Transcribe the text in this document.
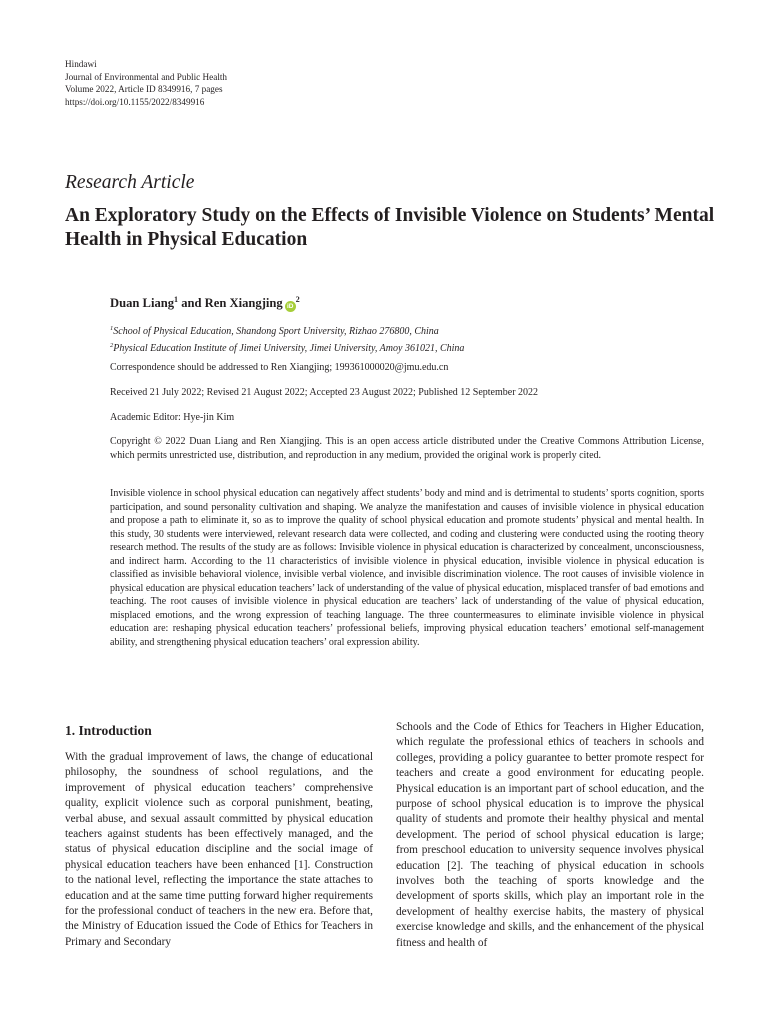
Hindawi
Journal of Environmental and Public Health
Volume 2022, Article ID 8349916, 7 pages
https://doi.org/10.1155/2022/8349916
Research Article
An Exploratory Study on the Effects of Invisible Violence on Students’ Mental Health in Physical Education
Duan Liang$^1$ and Ren Xiangjing $iD^2$
$^1$School of Physical Education, Shandong Sport University, Rizhao 276800, China
$^2$Physical Education Institute of Jimei University, Jimei University, Amoy 361021, China
Correspondence should be addressed to Ren Xiangjing; 199361000020@jmu.edu.cn
Received 21 July 2022; Revised 21 August 2022; Accepted 23 August 2022; Published 12 September 2022
Academic Editor: Hye-jin Kim
Copyright © 2022 Duan Liang and Ren Xiangjing. This is an open access article distributed under the Creative Commons Attribution License, which permits unrestricted use, distribution, and reproduction in any medium, provided the original work is properly cited.

Invisible violence in school physical education can negatively affect students’ body and mind and is detrimental to students’ sports cognition, sports participation, and sound personality cultivation and shaping. We analyze the manifestation and causes of invisible violence in physical education and propose a path to eliminate it, so as to improve the quality of school physical education and promote students’ physical and mental health. In this study, 30 students were interviewed, relevant research data were collected, and coding and clustering were conducted using the rooting theory research method. The results of the study are as follows: Invisible violence in physical education is characterized by concealment, unconsciousness, and indirect harm. According to the 11 characteristics of invisible violence in physical education, invisible violence in physical education is classified as invisible behavioral violence, invisible verbal violence, and invisible discrimination violence. The root causes of invisible violence in physical education are physical education teachers’ lack of understanding of the value of physical education, misplaced transfer of bad emotions and teaching. The root causes of invisible violence in physical education are teachers’ lack of understanding of the value of physical education, misplaced emotions, and the wrong expression of teaching language. The three countermeasures to eliminate invisible violence in physical education are: reshaping physical education teachers’ professional beliefs, improving physical education teachers’ emotional self-management ability, and strengthening physical education teachers’ oral expression ability.

1. Introduction

With the gradual improvement of laws, the change of educational philosophy, the soundness of school regulations, and the improvement of physical education teachers’ comprehensive quality, explicit violence such as corporal punishment, beating, verbal abuse, and sexual assault committed by physical education teachers against students has been effectively managed, and the status of physical education discipline and the social image of physical education teachers have been enhanced [1]. Construction to the national level, reflecting the importance the state attaches to education and at the same time putting forward higher requirements for the professional conduct of teachers in the new era. Before that, the Ministry of Education issued the Code of Ethics for Teachers in Primary and Secondary

Schools and the Code of Ethics for Teachers in Higher Education, which regulate the professional ethics of teachers in schools and colleges, providing a policy guarantee to better promote respect for teachers and create a good environment for educating people. Physical education is an important part of school education, and the purpose of school physical education is to improve the physical quality of students and promote their healthy physical and mental development. The period of school physical education is large; from preschool education to university sequence involves physical education [2]. The teaching of physical education in schools involves both the teaching of sports knowledge and the development of sports skills, which play an important role in the development of healthy exercise habits, the mastery of physical exercise knowledge and skills, and the enhancement of the physical fitness and health of
